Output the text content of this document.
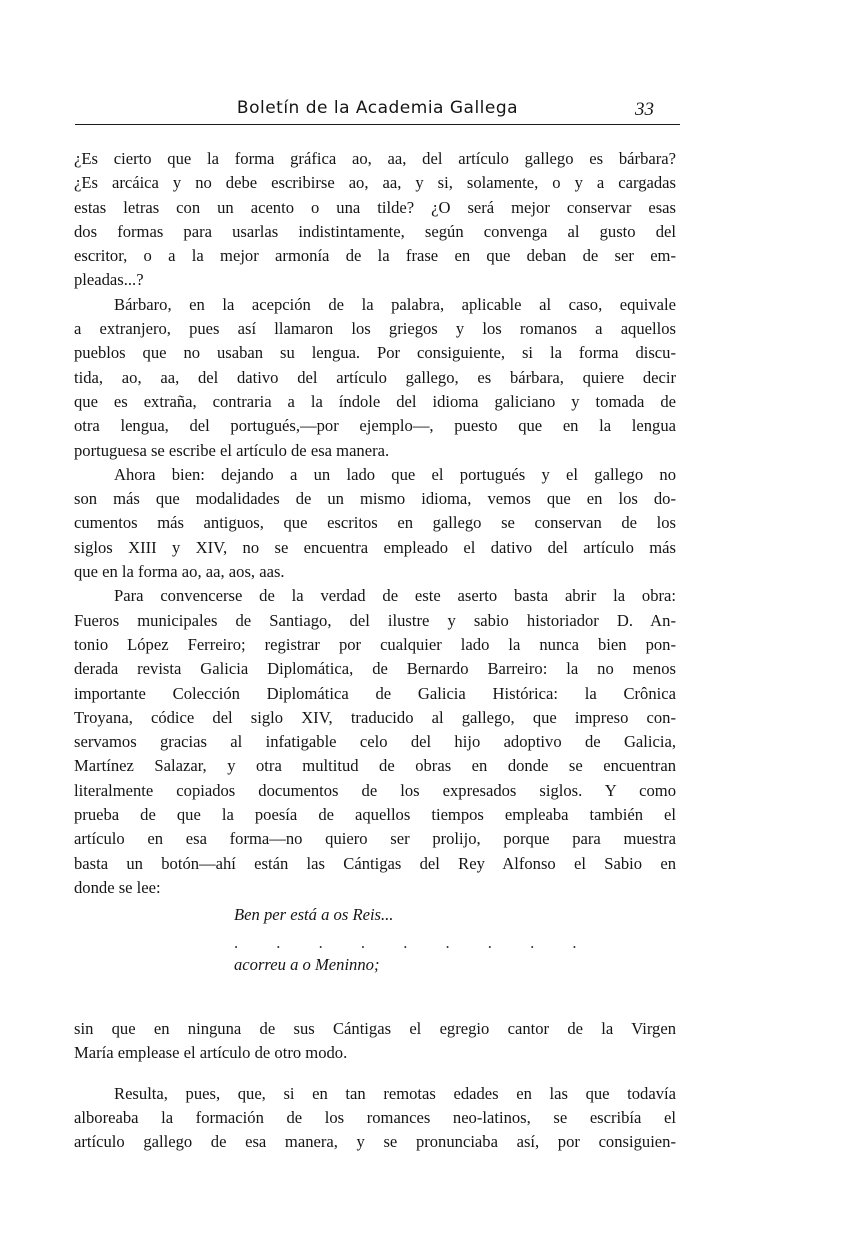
Boletín de la Academia Gallega	33

¿Es cierto que la forma gráfica ao, aa, del artículo gallego es bárbara?
¿Es arcáica y no debe escribirse ao, aa, y si, solamente, o y a cargadas
estas letras con un acento o una tilde? ¿O será mejor conservar esas
dos formas para usarlas indistintamente, según convenga al gusto del
escritor, o a la mejor armonía de la frase en que deban de ser em-
pleadas...?

Bárbaro, en la acepción de la palabra, aplicable al caso, equivale
a extranjero, pues así llamaron los griegos y los romanos a aquellos
pueblos que no usaban su lengua. Por consiguiente, si la forma discu-
tida, ao, aa, del dativo del artículo gallego, es bárbara, quiere decir
que es extraña, contraria a la índole del idioma galiciano y tomada de
otra lengua, del portugués,—por ejemplo—, puesto que en la lengua
portuguesa se escribe el artículo de esa manera.

Ahora bien: dejando a un lado que el portugués y el gallego no
son más que modalidades de un mismo idioma, vemos que en los do-
cumentos más antiguos, que escritos en gallego se conservan de los
siglos XIII y XIV, no se encuentra empleado el dativo del artículo más
que en la forma ao, aa, aos, aas.

Para convencerse de la verdad de este aserto basta abrir la obra:
Fueros municipales de Santiago, del ilustre y sabio historiador D. An-
tonio López Ferreiro; registrar por cualquier lado la nunca bien pon-
derada revista Galicia Diplomática, de Bernardo Barreiro: la no menos
importante Colección Diplomática de Galicia Histórica: la Crônica
Troyana, códice del siglo XIV, traducido al gallego, que impreso con-
servamos gracias al infatigable celo del hijo adoptivo de Galicia,
Martínez Salazar, y otra multitud de obras en donde se encuentran
literalmente copiados documentos de los expresados siglos. Y como
prueba de que la poesía de aquellos tiempos empleaba también el
artículo en esa forma—no quiero ser prolijo, porque para muestra
basta un botón—ahí están las Cántigas del Rey Alfonso el Sabio en
donde se lee:

Ben per está a os Reis...
. . . . . . . . .
acorreu a o Meninno;

sin que en ninguna de sus Cántigas el egregio cantor de la Virgen
María emplease el artículo de otro modo.

Resulta, pues, que, si en tan remotas edades en las que todavía
alboreaba la formación de los romances neo-latinos, se escribía el
artículo gallego de esa manera, y se pronunciaba así, por consiguien-
